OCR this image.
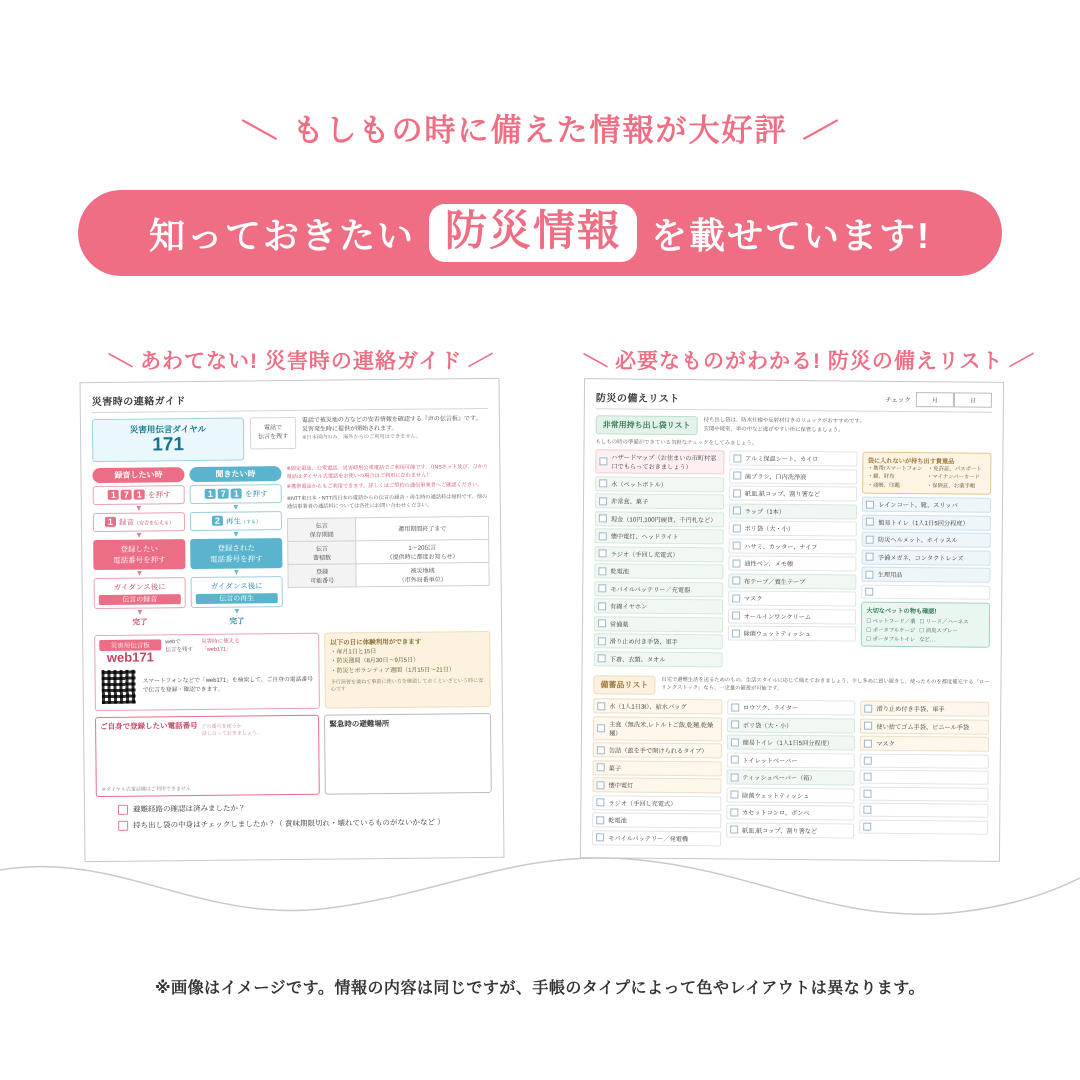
＼ もしもの時に備えた情報が大好評 ／
知っておきたい 防災情報 を載せています!
＼ あわてない! 災害時の連絡ガイド ／	＼ 必要なものがわかる! 防災の備えリスト ／
災害時の連絡ガイド
災害用伝言ダイヤル
171
電話で
伝言を残す
電話で被災地の方などの安否情報を確認する『声の伝言板』です。
災害発生時に提供が開始されます。
※日本国内のみ、海外からのご利用はできません。
録音したい時
1 7 1 を押す
▼
1 録音（安否を伝える）
▼
登録したい
電話番号を押す
▼
ガイダンス後に
伝言の録音
▼
完了
聞きたい時
1 7 1 を押す
▼
2 再生（する）
▼
登録された
電話番号を押す
▼
ガイダンス後に
伝言の再生
▼
完了
※固定電話、公衆電話、災害時用公衆電話でご利用可能です。（INSネット及び、ひかり電話はダイヤル式電話をお使いの場合はご利用になれません）
※携帯電話からもご利用できます。詳しくはご契約の通信事業者へご確認ください。
※NTT東日本・NTT西日本の電話からの伝言の録音・再生時の通話料は無料です。他の通信事業者の通話料については各社にお問い合わせください。
伝言
保存期間	運用期間終了まで
伝言
蓄積数	1〜20伝言
（提供時に都度お知らせ）
登録
可能番号	被災地域
（市外局番単位）
災害用伝言板
web171
webで
伝言を残す
災害時に使える
「web171」
スマートフォンなどで「web171」を検索して、ご自身の電話番号で伝言を登録・確認できます。
以下の日に体験利用ができます
・毎月1日と15日
・防災週間（8月30日〜9月5日）
・防災とボランティア週間（1月15日〜21日）
予行演習を兼ねて事前に使い方を確認しておくといざという時に安心です
ご自身で登録したい電話番号 どの番号を使うか
話し合っておきましょう。
※ダイヤル式電話機はご利用できません
緊急時の避難場所
避難経路の確認は済みましたか？
持ち出し袋の中身はチェックしましたか？（ 賞味期限切れ・壊れているものがないかなど ）
防災の備えリスト	チェック	月	日
非常用持ち出し袋リスト	持ち出し袋は、防水仕様や反射材付きのリュックがおすすめです。
玄関や寝室、車の中など逃げやすい所に保管しましょう。
もしもの時の準備ができている気軽なチェックをしてみましょう。
ハザードマップ（お住まいの市町村窓口でもらっておきましょう）
水（ペットボトル）
非常食、菓子
現金（10円,100円硬貨、千円札など）
懐中電灯、ヘッドライト
ラジオ（手回し充電式）
乾電池
モバイルバッテリー／充電器
有線イヤホン
常備薬
滑り止め付き手袋、軍手
下着、衣類、タオル
アルミ保温シート、カイロ
歯ブラシ、口内洗浄液
紙皿,紙コップ、割り箸など
ラップ（1本）
ポリ袋（大・小）
ハサミ、カッター、ナイフ
油性ペン、メモ帳
布テープ／養生テープ
マスク
オールインワンクリーム
除菌ウェットティッシュ
袋に入れないが持ち出す貴重品
・携帯/スマートフォン　・免許証、パスポート
・鍵、財布　　　　　　・マイナンバーカード
・通帳、印鑑　　　　　・保険証、お薬手帳
レインコート、靴、スリッパ
簡易トイレ（1人1日5回分程度）
防災ヘルメット、ホイッスル
予備メガネ、コンタクトレンズ
生理用品
大切なペットの物も確認!
☐ ペットフード／薬 ☐ リード／ハーネス
☐ ポータブルケージ ☐ 消臭スプレー
☐ ポータブルトイレ など…
備蓄品リスト	自宅で避難生活を送るためのもの。生活スタイルに応じて備えておきましょう。少し多めに買い置きし、使ったものを都度補充する「ローリングストック」なら、一定量の備蓄が可能です。
水（1人1日3ℓ）、給水バッグ
主食（無洗米,レトルトご飯,乾麺,乾燥麺）
缶詰（蓋を手で開けられるタイプ）
菓子
懐中電灯
ラジオ（手回し充電式）
乾電池
モバイルバッテリー／発電機
ロウソク、ライター
ポリ袋（大・小）
簡易トイレ（1人1日5回分程度）
トイレットペーパー
ティッシュペーパー（箱）
除菌ウェットティッシュ
カセットコンロ、ボンベ
紙皿,紙コップ、割り箸など
滑り止め付き手袋、軍手
使い捨てゴム手袋、ビニール手袋
マスク
※画像はイメージです。情報の内容は同じですが、手帳のタイプによって色やレイアウトは異なります。
